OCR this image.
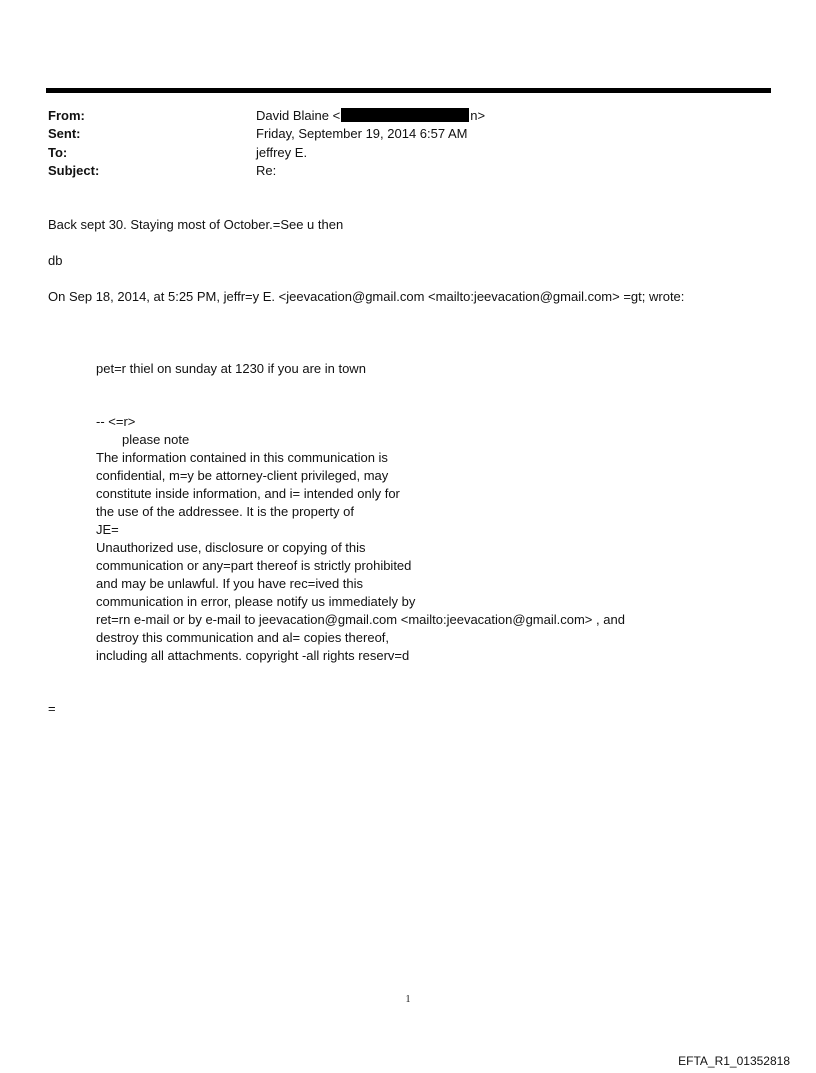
From:	David Blaine <	n>
Sent:	Friday, September 19, 2014 6:57 AM
To:	jeffrey E.
Subject:	Re:
Back sept 30. Staying most of October.=See u then
db
On Sep 18, 2014, at 5:25 PM, jeffr=y E. <jeevacation@gmail.com <mailto:jeevacation@gmail.com> =gt; wrote:
pet=r thiel on sunday at 1230 if you are in town
-- <=r>
please note
The information contained in this communication is
confidential, m=y be attorney-client privileged, may
constitute inside information, and i= intended only for
the use of the addressee. It is the property of
JE=
Unauthorized use, disclosure or copying of this
communication or any=part thereof is strictly prohibited
and may be unlawful. If you have rec=ived this
communication in error, please notify us immediately by
ret=rn e-mail or by e-mail to jeevacation@gmail.com <mailto:jeevacation@gmail.com> , and
destroy this communication and al= copies thereof,
including all attachments. copyright -all rights reserv=d
=
1
EFTA_R1_01352818
